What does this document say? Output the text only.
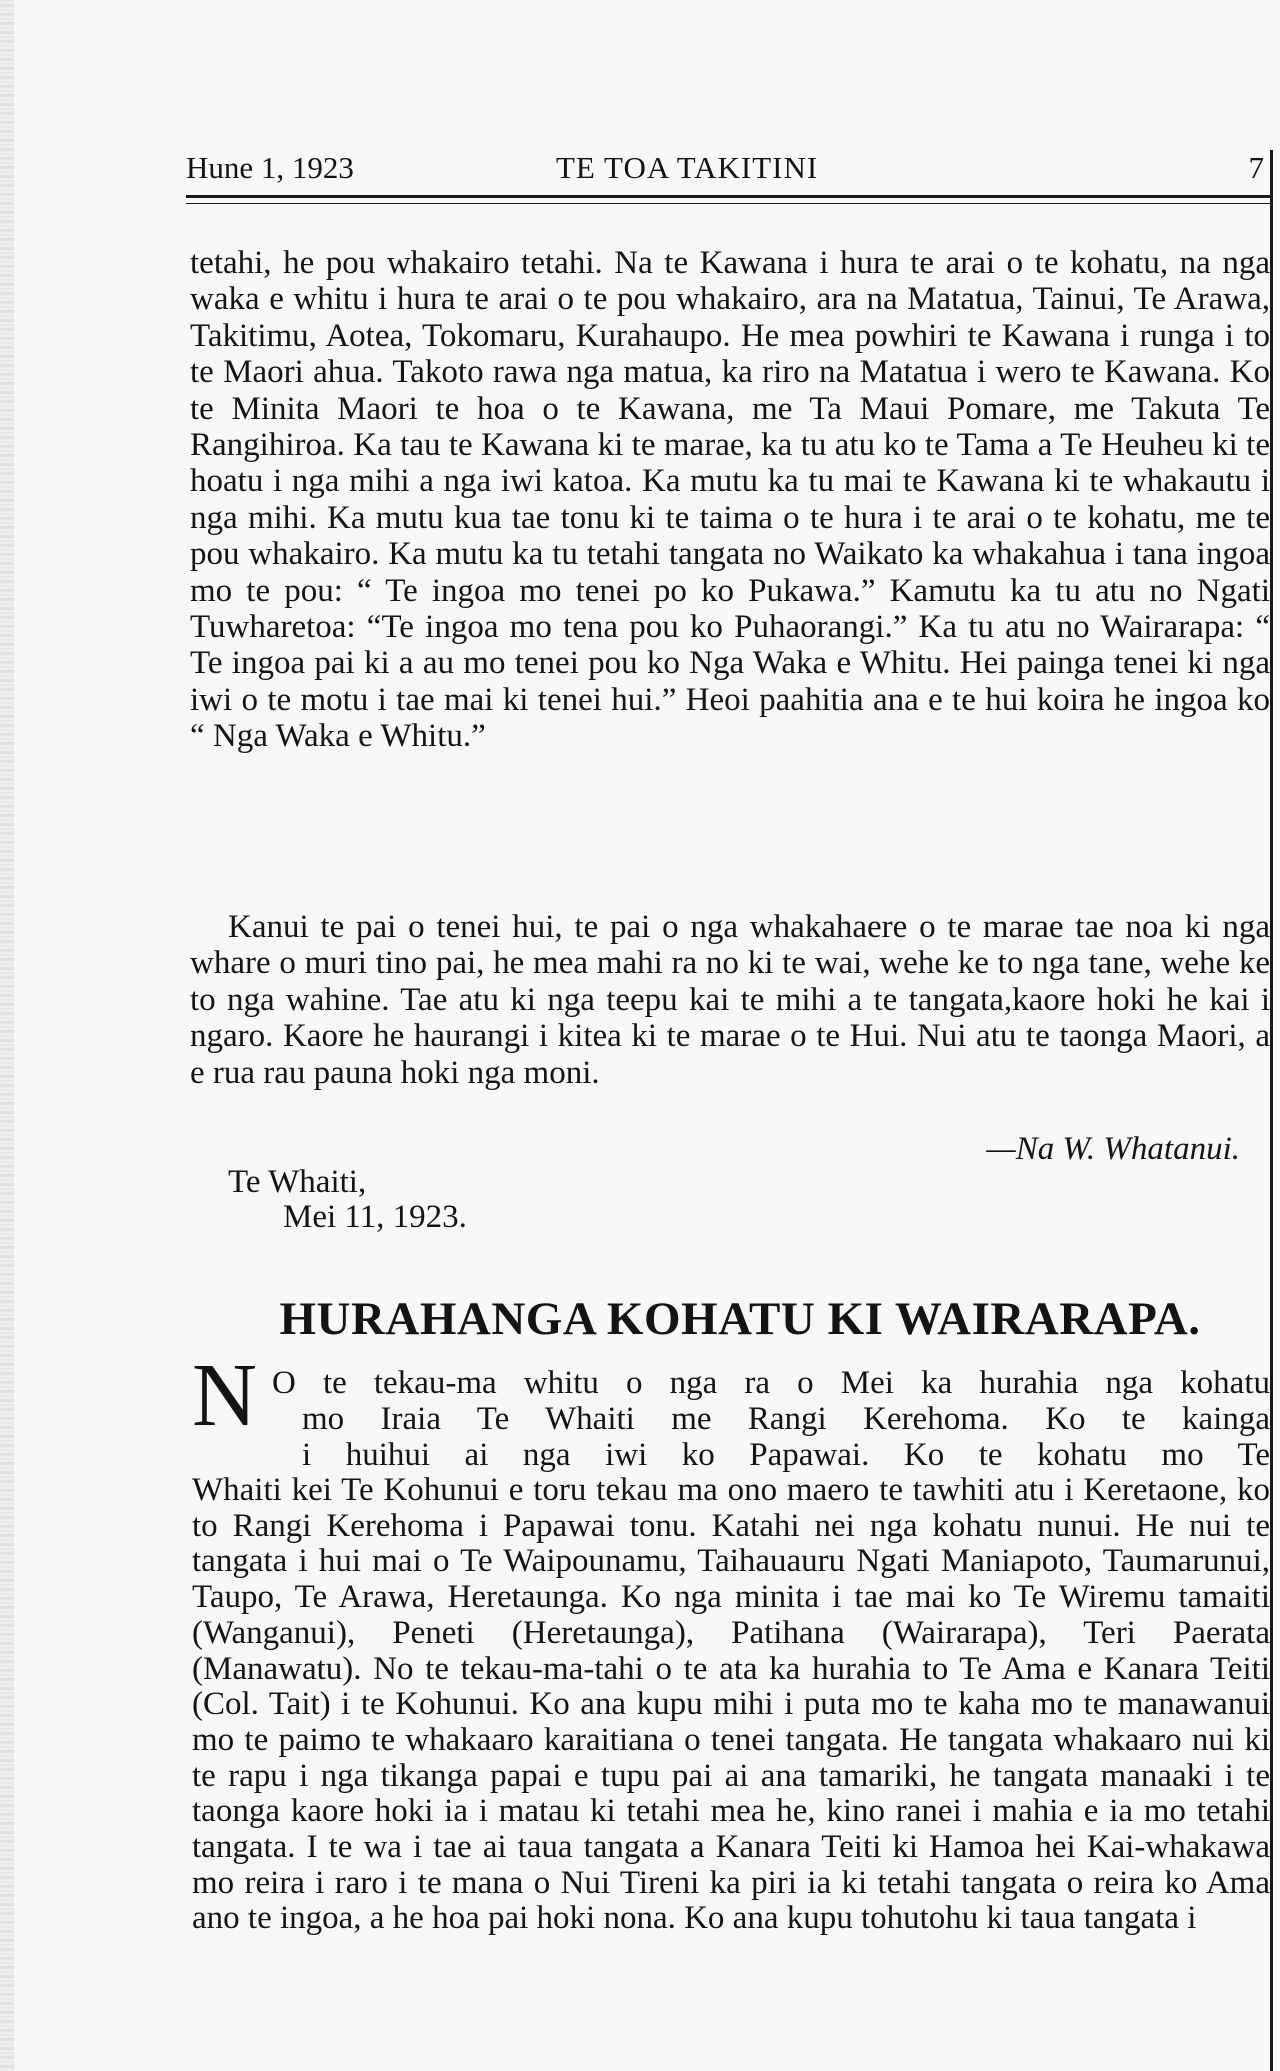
Hune 1, 1923	TE TOA TAKITINI	7

tetahi, he pou whakairo tetahi. Na te Kawana i hura te arai o te kohatu, na nga waka e whitu i hura te arai o te pou whakairo, ara na Matatua, Tainui, Te Arawa, Takitimu, Aotea, Tokomaru, Kurahaupo. He mea powhiri te Kawana i runga i to te Maori ahua. Takoto rawa nga matua, ka riro na Matatua i wero te Kawana. Ko te Minita Maori te hoa o te Kawana, me Ta Maui Pomare, me Takuta Te Rangihiroa. Ka tau te Kawana ki te marae, ka tu atu ko te Tama a Te Heuheu ki te hoatu i nga mihi a nga iwi katoa. Ka mutu ka tu mai te Kawana ki te whakautu i nga mihi. Ka mutu kua tae tonu ki te taima o te hura i te arai o te kohatu, me te pou whakairo. Ka mutu ka tu tetahi tangata no Waikato ka whakahua i tana ingoa mo te pou: “ Te ingoa mo tenei po ko Pukawa.” Kamutu ka tu atu no Ngati Tuwharetoa: “Te ingoa mo tena pou ko Puhaorangi.” Ka tu atu no Wairarapa: “ Te ingoa pai ki a au mo tenei pou ko Nga Waka e Whitu. Hei painga tenei ki nga iwi o te motu i tae mai ki tenei hui.” Heoi paahitia ana e te hui koira he ingoa ko “ Nga Waka e Whitu.”

Kanui te pai o tenei hui, te pai o nga whakahaere o te marae tae noa ki nga whare o muri tino pai, he mea mahi ra no ki te wai, wehe ke to nga tane, wehe ke to nga wahine. Tae atu ki nga teepu kai te mihi a te tangata,kaore hoki he kai i ngaro. Kaore he haurangi i kitea ki te marae o te Hui. Nui atu te taonga Maori, a e rua rau pauna hoki nga moni.

—Na W. Whatanui.
Te Whaiti,
Mei 11, 1923.
HURAHANGA KOHATU KI WAIRARAPA.
N O te tekau-ma whitu o nga ra o Mei ka hurahia nga kohatu
mo Iraia Te Whaiti me Rangi Kerehoma. Ko te kainga
i huihui ai nga iwi ko Papawai. Ko te kohatu mo Te

Whaiti kei Te Kohunui e toru tekau ma ono maero te tawhiti atu i Keretaone, ko to Rangi Kerehoma i Papawai tonu. Katahi nei nga kohatu nunui. He nui te tangata i hui mai o Te Waipounamu, Taihauauru Ngati Maniapoto, Taumarunui, Taupo, Te Arawa, Heretaunga. Ko nga minita i tae mai ko Te Wiremu tamaiti (Wanganui), Peneti (Heretaunga), Patihana (Wairarapa), Teri Paerata (Manawatu). No te tekau-ma-tahi o te ata ka hurahia to Te Ama e Kanara Teiti (Col. Tait) i te Kohunui. Ko ana kupu mihi i puta mo te kaha mo te manawanui mo te paimo te whakaaro karaitiana o tenei tangata. He tangata whakaaro nui ki te rapu i nga tikanga papai e tupu pai ai ana tamariki, he tangata manaaki i te taonga kaore hoki ia i matau ki tetahi mea he, kino ranei i mahia e ia mo tetahi tangata. I te wa i tae ai taua tangata a Kanara Teiti ki Hamoa hei Kai-whakawa mo reira i raro i te mana o Nui Tireni ka piri ia ki tetahi tangata o reira ko Ama ano te ingoa, a he hoa pai hoki nona. Ko ana kupu tohutohu ki taua tangata i
